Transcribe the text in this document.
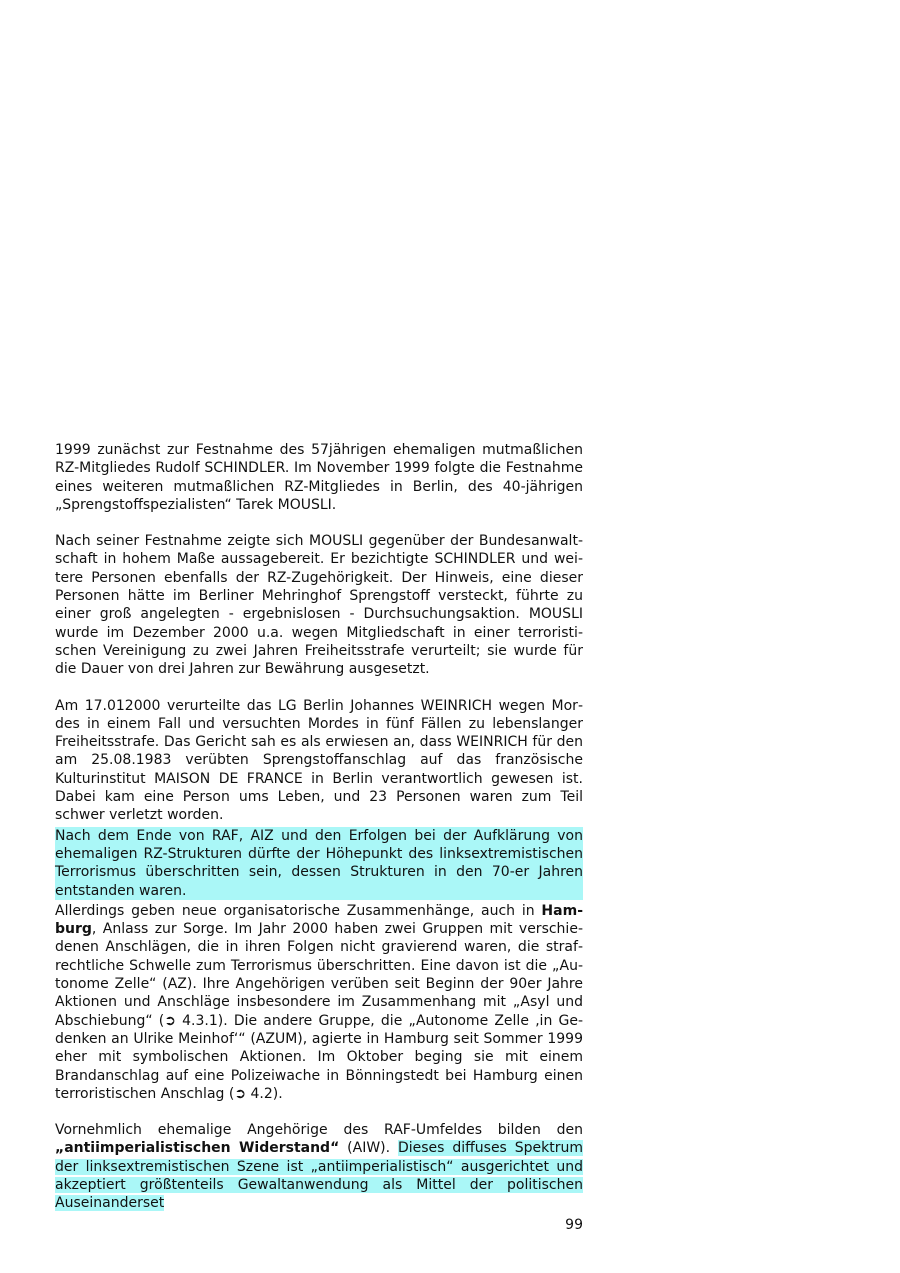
1999 zunächst zur Festnahme des 57jährigen ehemaligen mutmaßlichen RZ-Mitgliedes Rudolf SCHINDLER. Im November 1999 folgte die Festnahme eines weiteren mutmaßlichen RZ-Mitgliedes in Berlin, des 40-jährigen „Sprengstoffspezialisten“ Tarek MOUSLI.

Nach seiner Festnahme zeigte sich MOUSLI gegenüber der Bundesanwaltschaft in hohem Maße aussagebereit. Er bezichtigte SCHINDLER und weitere Personen ebenfalls der RZ-Zugehörigkeit. Der Hinweis, eine dieser Personen hätte im Berliner Mehringhof Sprengstoff versteckt, führte zu einer groß angelegten - ergebnislosen - Durchsuchungsaktion. MOUSLI wurde im Dezember 2000 u.a. wegen Mitgliedschaft in einer terroristischen Vereinigung zu zwei Jahren Freiheitsstrafe verurteilt; sie wurde für die Dauer von drei Jahren zur Bewährung ausgesetzt.

Am 17.012000 verurteilte das LG Berlin Johannes WEINRICH wegen Mordes in einem Fall und versuchten Mordes in fünf Fällen zu lebenslanger Freiheitsstrafe. Das Gericht sah es als erwiesen an, dass WEINRICH für den am 25.08.1983 verübten Sprengstoffanschlag auf das französische Kulturinstitut MAISON DE FRANCE in Berlin verantwortlich gewesen ist. Dabei kam eine Person ums Leben, und 23 Personen waren zum Teil schwer verletzt worden.

Nach dem Ende von RAF, AIZ und den Erfolgen bei der Aufklärung von ehemaligen RZ-Strukturen dürfte der Höhepunkt des linksextremistischen Terrorismus überschritten sein, dessen Strukturen in den 70-er Jahren entstanden waren.

Allerdings geben neue organisatorische Zusammenhänge, auch in Hamburg, Anlass zur Sorge. Im Jahr 2000 haben zwei Gruppen mit verschiedenen Anschlägen, die in ihren Folgen nicht gravierend waren, die strafrechtliche Schwelle zum Terrorismus überschritten. Eine davon ist die „Autonome Zelle“ (AZ). Ihre Angehörigen verüben seit Beginn der 90er Jahre Aktionen und Anschläge insbesondere im Zusammenhang mit „Asyl und Abschiebung“ (➲ 4.3.1). Die andere Gruppe, die „Autonome Zelle ‚in Gedenken an Ulrike Meinhof‘“ (AZUM), agierte in Hamburg seit Sommer 1999 eher mit symbolischen Aktionen. Im Oktober beging sie mit einem Brandanschlag auf eine Polizeiwache in Bönningstedt bei Hamburg einen terroristischen Anschlag (➲ 4.2).

Vornehmlich ehemalige Angehörige des RAF-Umfeldes bilden den „antiimperialistischen Widerstand“ (AIW). Dieses diffuses Spektrum der linksextremistischen Szene ist „antiimperialistisch“ ausgerichtet und akzeptiert größtenteils Gewaltanwendung als Mittel der politischen Auseinanderset

99
